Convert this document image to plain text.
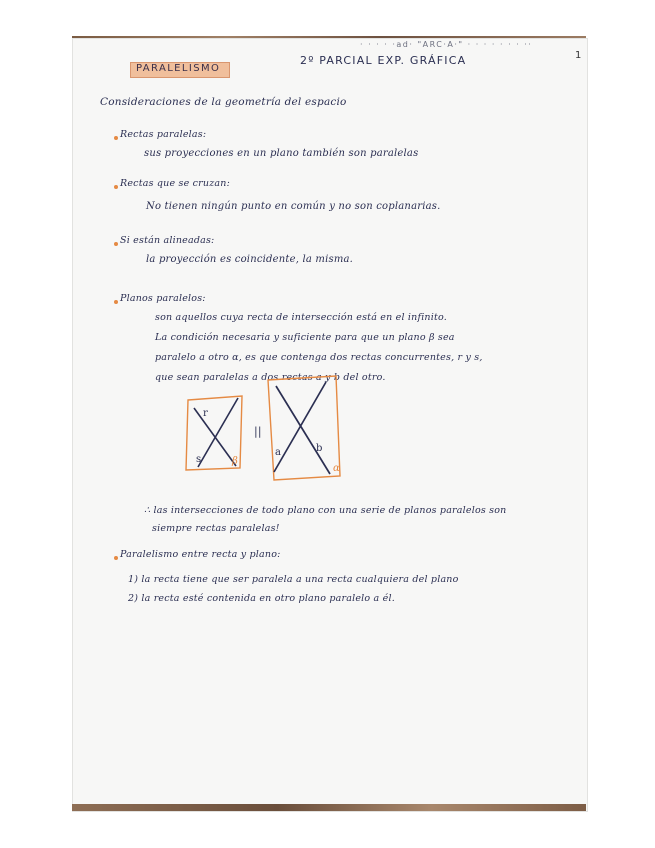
· · · · ·ad· "ARC·A·" · · · · · · · ··
1
PARALELISMO
2º PARCIAL EXP. GRÁFICA
Consideraciones de la geometría del espacio
Rectas paralelas:
sus proyecciones en un plano también son paralelas
Rectas que se cruzan:
No tienen ningún punto en común y no son coplanarias.
Si están alineadas:
la proyección es coincidente, la misma.
Planos paralelos:
son aquellos cuya recta de intersección está en el infinito.
La condición necesaria y suficiente para que un plano β sea
paralelo a otro α, es que contenga dos rectas concurrentes, r y s,
que sean paralelas a dos rectas a y b del otro.
r
s	β
||
a	b
α
∴ las intersecciones de todo plano con una serie de planos paralelos son
siempre rectas paralelas!
Paralelismo entre recta y plano:
1) la recta tiene que ser paralela a una recta cualquiera del plano
2) la recta esté contenida en otro plano paralelo a él.
